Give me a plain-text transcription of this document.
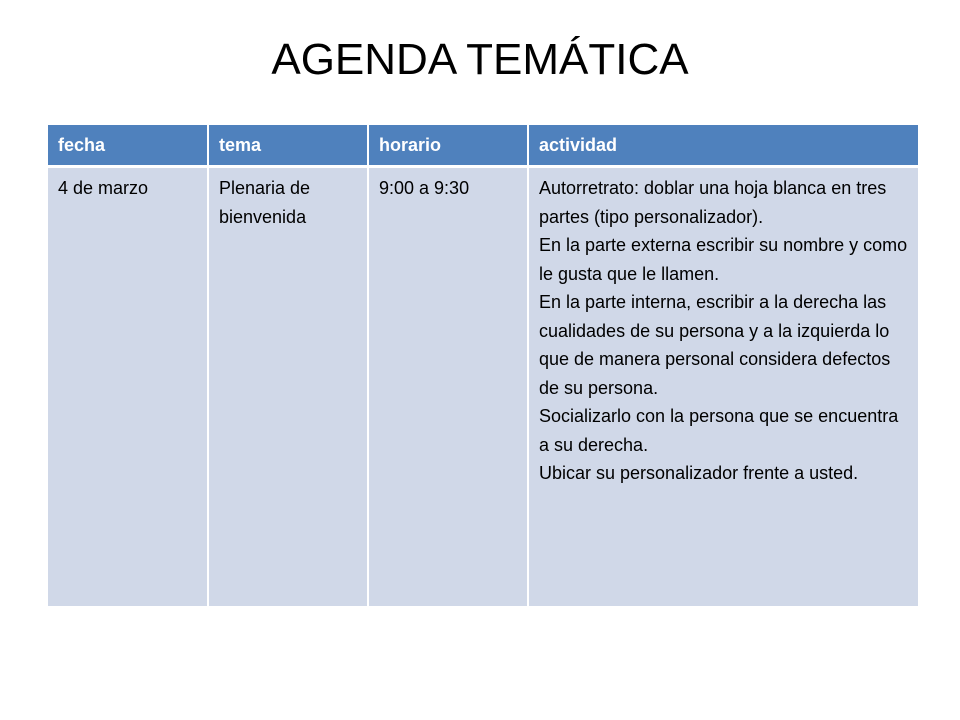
AGENDA TEMÁTICA
fecha	tema	horario	actividad
4 de marzo	Plenaria de bienvenida	9:00 a 9:30	Autorretrato: doblar una hoja blanca en tres partes (tipo personalizador).
En la parte externa escribir su nombre y como le gusta que le llamen.
En la parte interna, escribir a la derecha las cualidades de su persona y a la izquierda lo que de manera personal considera defectos de su persona.
Socializarlo con la persona que se encuentra a su derecha.
Ubicar su personalizador frente a usted.
